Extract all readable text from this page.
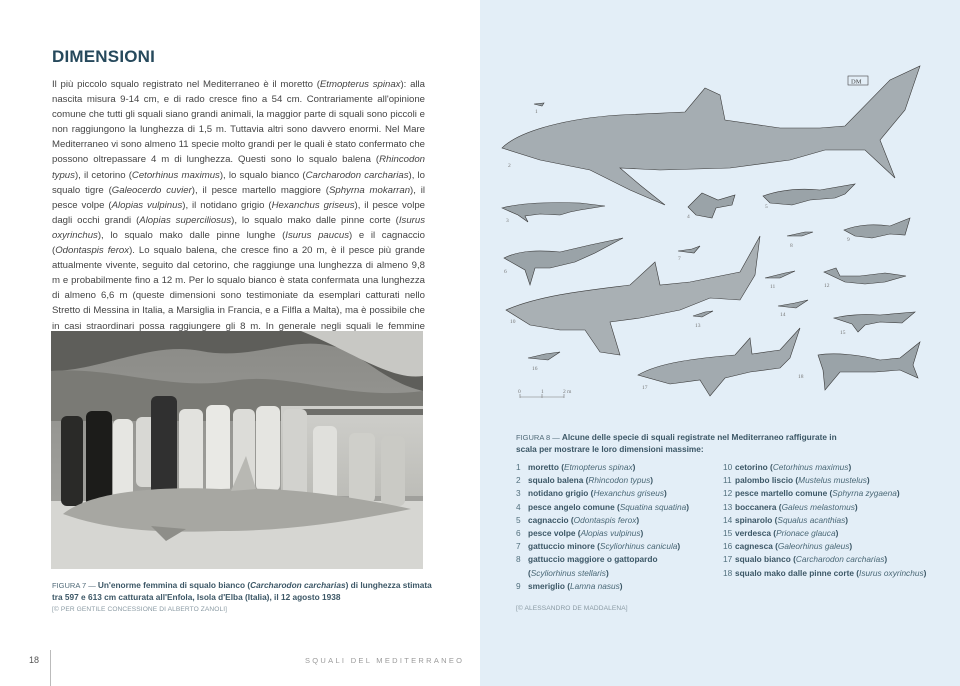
DIMENSIONI

Il più piccolo squalo registrato nel Mediterraneo è il moretto (Etmopterus spinax): alla nascita misura 9-14 cm, e di rado cresce fino a 54 cm. Contrariamente all'opinione comune che tutti gli squali siano grandi animali, la maggior parte di squali sono piccoli e non raggiungono la lunghezza di 1,5 m. Tuttavia altri sono davvero enormi. Nel Mare Mediterraneo vi sono almeno 11 specie molto grandi per le quali è stato confermato che possono oltrepassare 4 m di lunghezza. Questi sono lo squalo balena (Rhincodon typus), il cetorino (Cetorhinus maximus), lo squalo bianco (Carcharodon carcharias), lo squalo tigre (Galeocerdo cuvier), il pesce martello maggiore (Sphyrna mokarran), il pesce volpe (Alopias vulpinus), il notidano grigio (Hexanchus griseus), il pesce volpe dagli occhi grandi (Alopias superciliosus), lo squalo mako dalle pinne corte (Isurus oxyrinchus), lo squalo mako dalle pinne lunghe (Isurus paucus) e il cagnaccio (Odontaspis ferox). Lo squalo balena, che cresce fino a 20 m, è il pesce più grande attualmente vivente, seguito dal cetorino, che raggiunge una lunghezza di almeno 9,8 m e probabilmente fino a 12 m. Per lo squalo bianco è stata confermata una lunghezza di almeno 6,6 m (queste dimensioni sono testimoniate da esemplari catturati nello Stretto di Messina in Italia, a Marsiglia in Francia, e a Filfla a Malta), ma è possibile che in casi straordinari possa raggiungere gli 8 m. In generale negli squali le femmine

FIGURA 7 — Un'enorme femmina di squalo bianco (Carcharodon carcharias) di lunghezza stimata tra 597 e 613 cm catturata all'Enfola, Isola d'Elba (Italia), il 12 agosto 1938
[© PER GENTILE CONCESSIONE DI ALBERTO ZANOLI]
18	SQUALI DEL MEDITERRANEO
DM
0	1	2 m
1
2
3
4
5
6
7
8
9
10
11	12
13
14
15
16
17
18
FIGURA 8 — Alcune delle specie di squali registrate nel Mediterraneo raffigurate in scala per mostrare le loro dimensioni massime:
1 moretto (Etmopterus spinax)
2 squalo balena (Rhincodon typus)
3 notidano grigio (Hexanchus griseus)
4 pesce angelo comune (Squatina squatina)
5 cagnaccio (Odontaspis ferox)
6 pesce volpe (Alopias vulpinus)
7 gattuccio minore (Scyliorhinus canicula)
8 gattuccio maggiore o gattopardo (Scyliorhinus stellaris)
9 smeriglio (Lamna nasus)
10 cetorino (Cetorhinus maximus)
11 palombo liscio (Mustelus mustelus)
12 pesce martello comune (Sphyrna zygaena)
13 boccanera (Galeus melastomus)
14 spinarolo (Squalus acanthias)
15 verdesca (Prionace glauca)
16 cagnesca (Galeorhinus galeus)
17 squalo bianco (Carcharodon carcharias)
18 squalo mako dalle pinne corte (Isurus oxyrinchus)
[© ALESSANDRO DE MADDALENA]
